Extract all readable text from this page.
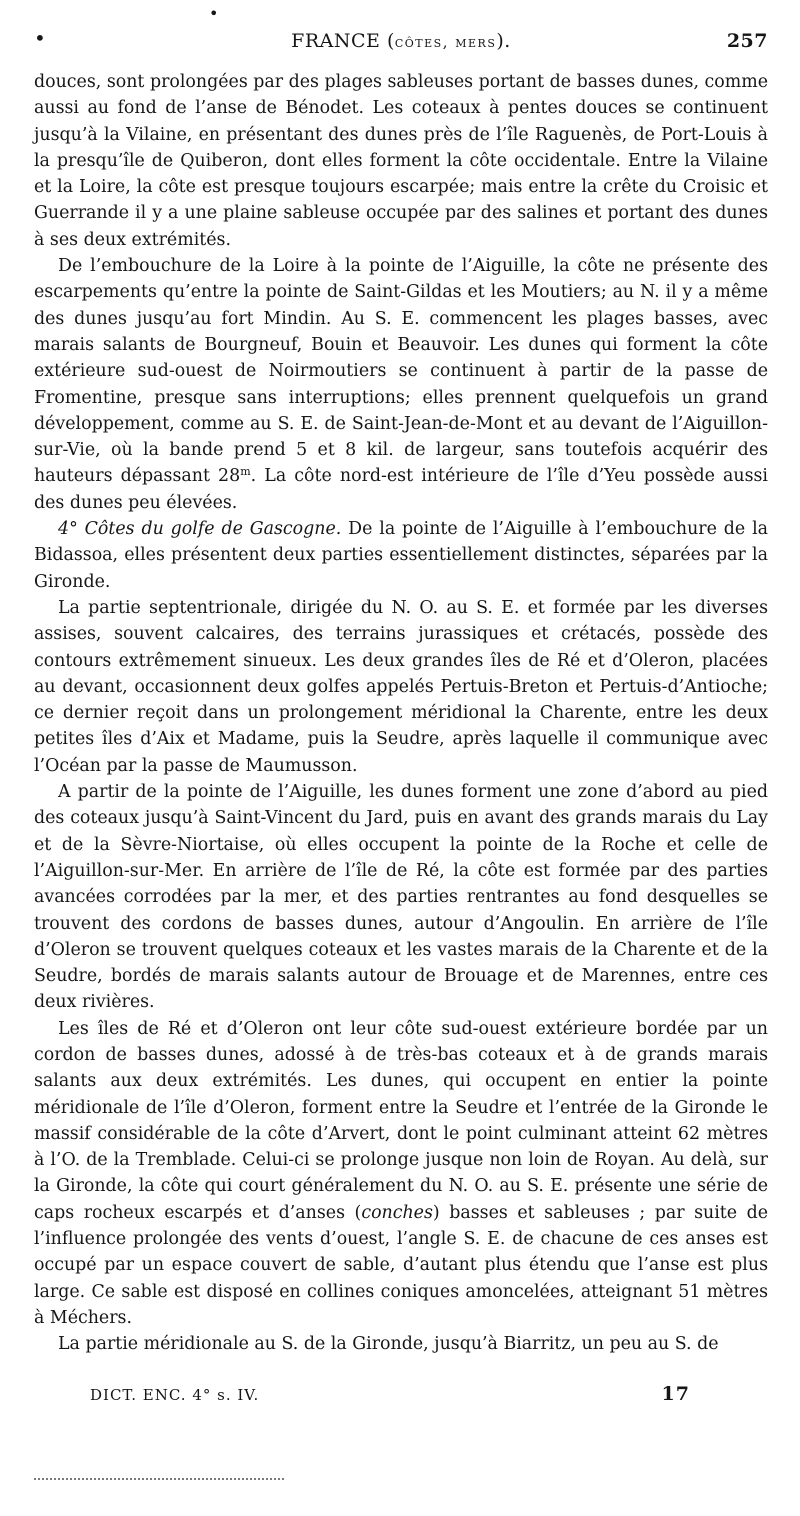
•
•	FRANCE (côtes, mers).	257

douces, sont prolongées par des plages sableuses portant de basses dunes, comme aussi au fond de l’anse de Bénodet. Les coteaux à pentes douces se continuent jusqu’à la Vilaine, en présentant des dunes près de l’île Raguenès, de Port-Louis à la presqu’île de Quiberon, dont elles forment la côte occidentale. Entre la Vilaine et la Loire, la côte est presque toujours escarpée; mais entre la crête du Croisic et Guerrande il y a une plaine sableuse occupée par des salines et portant des dunes à ses deux extrémités.

De l’embouchure de la Loire à la pointe de l’Aiguille, la côte ne présente des escarpements qu’entre la pointe de Saint-Gildas et les Moutiers; au N. il y a même des dunes jusqu’au fort Mindin. Au S. E. commencent les plages basses, avec marais salants de Bourgneuf, Bouin et Beauvoir. Les dunes qui forment la côte extérieure sud-ouest de Noirmoutiers se continuent à partir de la passe de Fromentine, presque sans interruptions; elles prennent quelquefois un grand développement, comme au S. E. de Saint-Jean-de-Mont et au devant de l’Aiguillon-sur-Vie, où la bande prend 5 et 8 kil. de largeur, sans toutefois acquérir des hauteurs dépassant 28$^m$. La côte nord-est intérieure de l’île d’Yeu possède aussi des dunes peu élevées.

4° Côtes du golfe de Gascogne. De la pointe de l’Aiguille à l’embouchure de la Bidassoa, elles présentent deux parties essentiellement distinctes, séparées par la Gironde.

La partie septentrionale, dirigée du N. O. au S. E. et formée par les diverses assises, souvent calcaires, des terrains jurassiques et crétacés, possède des contours extrêmement sinueux. Les deux grandes îles de Ré et d’Oleron, placées au devant, occasionnent deux golfes appelés Pertuis-Breton et Pertuis-d’Antioche; ce dernier reçoit dans un prolongement méridional la Charente, entre les deux petites îles d’Aix et Madame, puis la Seudre, après laquelle il communique avec l’Océan par la passe de Maumusson.

A partir de la pointe de l’Aiguille, les dunes forment une zone d’abord au pied des coteaux jusqu’à Saint-Vincent du Jard, puis en avant des grands marais du Lay et de la Sèvre-Niortaise, où elles occupent la pointe de la Roche et celle de l’Aiguillon-sur-Mer. En arrière de l’île de Ré, la côte est formée par des parties avancées corrodées par la mer, et des parties rentrantes au fond desquelles se trouvent des cordons de basses dunes, autour d’Angoulin. En arrière de l’île d’Oleron se trouvent quelques coteaux et les vastes marais de la Charente et de la Seudre, bordés de marais salants autour de Brouage et de Marennes, entre ces deux rivières.

Les îles de Ré et d’Oleron ont leur côte sud-ouest extérieure bordée par un cordon de basses dunes, adossé à de très-bas coteaux et à de grands marais salants aux deux extrémités. Les dunes, qui occupent en entier la pointe méridionale de l’île d’Oleron, forment entre la Seudre et l’entrée de la Gironde le massif considérable de la côte d’Arvert, dont le point culminant atteint 62 mètres à l’O. de la Tremblade. Celui-ci se prolonge jusque non loin de Royan. Au delà, sur la Gironde, la côte qui court généralement du N. O. au S. E. présente une série de caps rocheux escarpés et d’anses (conches) basses et sableuses ; par suite de l’influence prolongée des vents d’ouest, l’angle S. E. de chacune de ces anses est occupé par un espace couvert de sable, d’autant plus étendu que l’anse est plus large. Ce sable est disposé en collines coniques amoncelées, atteignant 51 mètres à Méchers.

La partie méridionale au S. de la Gironde, jusqu’à Biarritz, un peu au S. de

DICT. ENC. 4° s. IV.	17
